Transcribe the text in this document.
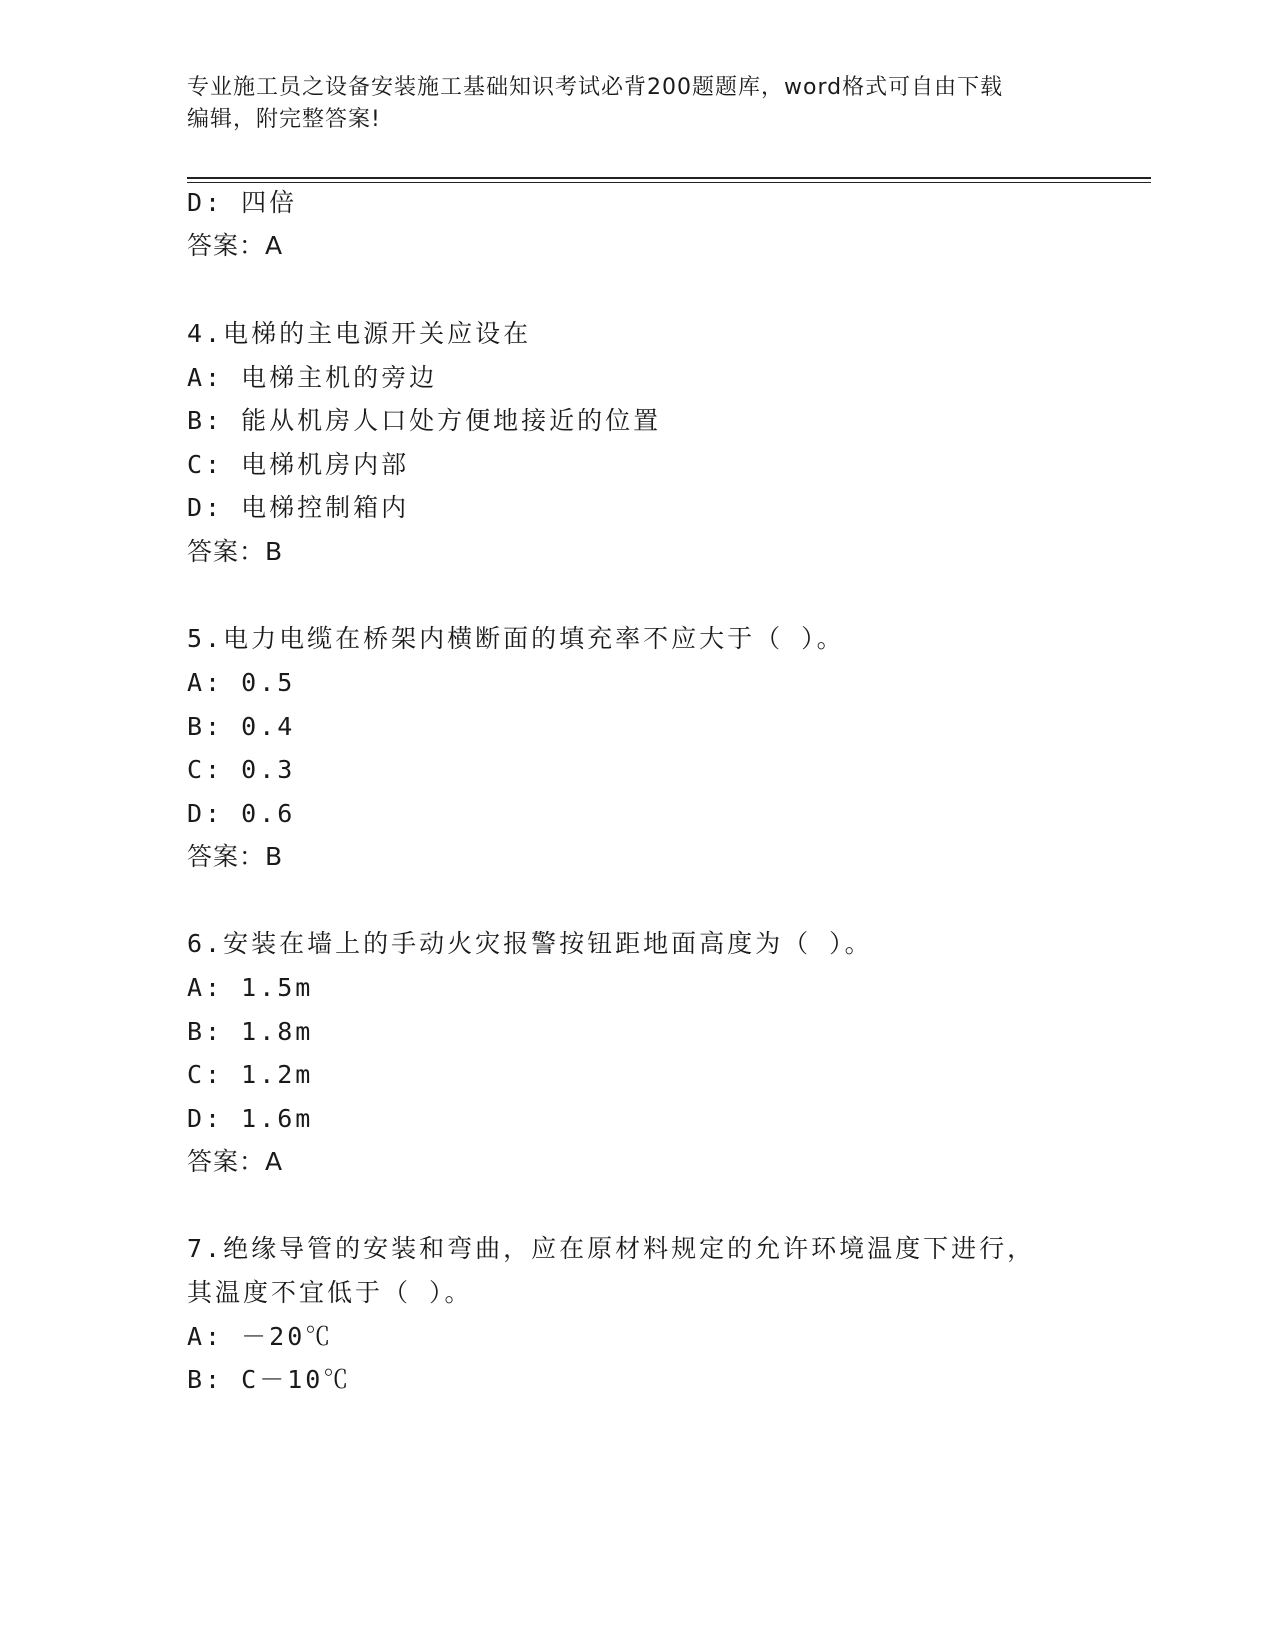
专业施工员之设备安装施工基础知识考试必背200题题库，word格式可自由下载
编辑，附完整答案!
D: 四倍
答案：A
4.电梯的主电源开关应设在
A: 电梯主机的旁边
B: 能从机房人口处方便地接近的位置
C: 电梯机房内部
D: 电梯控制箱内
答案：B
5.电力电缆在桥架内横断面的填充率不应大于（ ）。
A: 0.5
B: 0.4
C: 0.3
D: 0.6
答案：B
6.安装在墙上的手动火灾报警按钮距地面高度为（ ）。
A: 1.5m
B: 1.8m
C: 1.2m
D: 1.6m
答案：A
7.绝缘导管的安装和弯曲，应在原材料规定的允许环境温度下进行，
其温度不宜低于（ ）。
A: －20℃
B: C－10℃
